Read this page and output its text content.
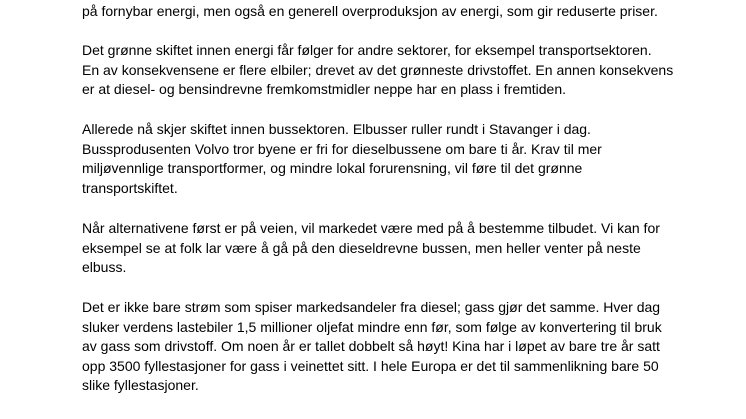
på fornybar energi, men også en generell overproduksjon av energi, som gir reduserte priser.

Det grønne skiftet innen energi får følger for andre sektorer, for eksempel transportsektoren.
En av konsekvensene er flere elbiler; drevet av det grønneste drivstoffet. En annen konsekvens
er at diesel- og bensindrevne fremkomstmidler neppe har en plass i fremtiden.

Allerede nå skjer skiftet innen bussektoren. Elbusser ruller rundt i Stavanger i dag.
Bussprodusenten Volvo tror byene er fri for dieselbussene om bare ti år. Krav til mer
miljøvennlige transportformer, og mindre lokal forurensning, vil føre til det grønne
transportskiftet.

Når alternativene først er på veien, vil markedet være med på å bestemme tilbudet. Vi kan for
eksempel se at folk lar være å gå på den dieseldrevne bussen, men heller venter på neste
elbuss.

Det er ikke bare strøm som spiser markedsandeler fra diesel; gass gjør det samme. Hver dag
sluker verdens lastebiler 1,5 millioner oljefat mindre enn før, som følge av konvertering til bruk
av gass som drivstoff. Om noen år er tallet dobbelt så høyt! Kina har i løpet av bare tre år satt
opp 3500 fyllestasjoner for gass i veinettet sitt. I hele Europa er det til sammenlikning bare 50
slike fyllestasjoner.
